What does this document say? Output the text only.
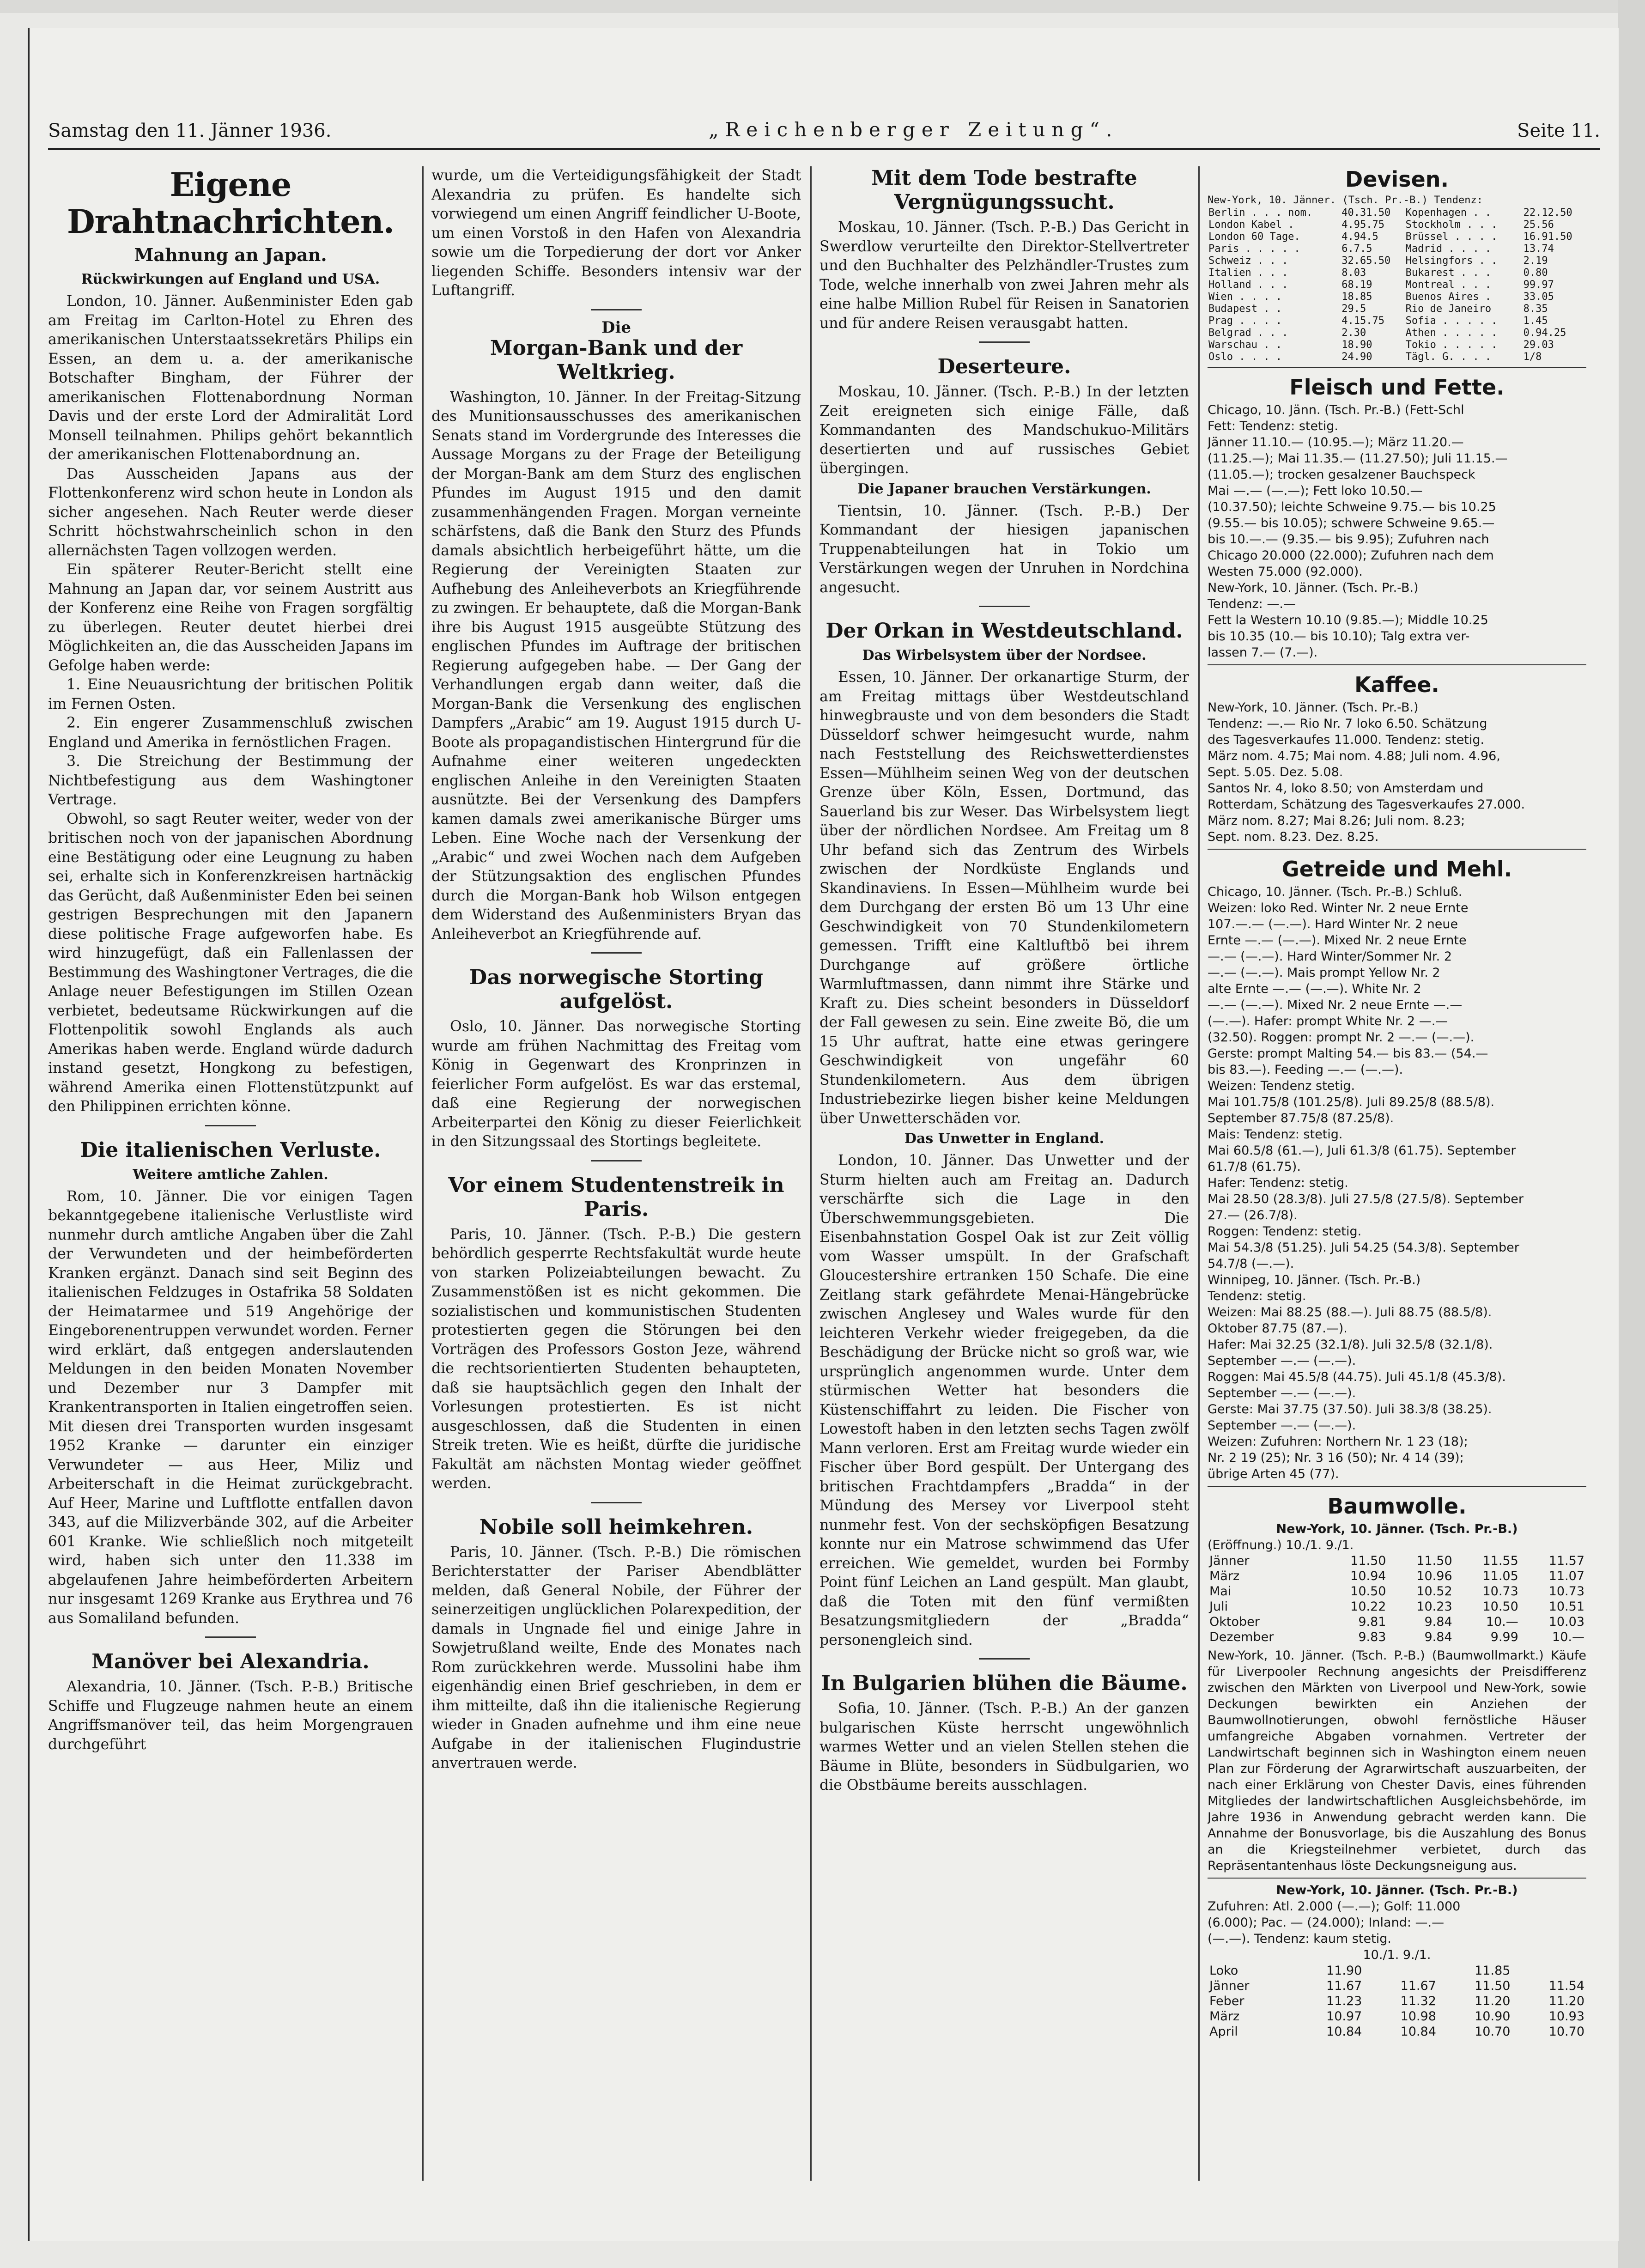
Samstag den 11. Jänner 1936.	„Reichenberger Zeitung“.	Seite 11.
Eigene Drahtnachrichten.
Mahnung an Japan.
Rückwirkungen auf England und USA.

London, 10. Jänner. Außenminister Eden gab am Freitag im Carlton-Hotel zu Ehren des amerikanischen Unterstaatssekretärs Philips ein Essen, an dem u. a. der amerikanische Botschafter Bingham, der Führer der amerikanischen Flottenabordnung Norman Davis und der erste Lord der Admiralität Lord Monsell teilnahmen. Philips gehört bekanntlich der amerikanischen Flottenabordnung an.

Das Ausscheiden Japans aus der Flottenkonferenz wird schon heute in London als sicher angesehen. Nach Reuter werde dieser Schritt höchstwahrscheinlich schon in den allernächsten Tagen vollzogen werden.

Ein späterer Reuter-Bericht stellt eine Mahnung an Japan dar, vor seinem Austritt aus der Konferenz eine Reihe von Fragen sorgfältig zu überlegen. Reuter deutet hierbei drei Möglichkeiten an, die das Ausscheiden Japans im Gefolge haben werde:

1. Eine Neuausrichtung der britischen Politik im Fernen Osten.

2. Ein engerer Zusammenschluß zwischen England und Amerika in fernöstlichen Fragen.

3. Die Streichung der Bestimmung der Nichtbefestigung aus dem Washingtoner Vertrage.

Obwohl, so sagt Reuter weiter, weder von der britischen noch von der japanischen Abordnung eine Bestätigung oder eine Leugnung zu haben sei, erhalte sich in Konferenzkreisen hartnäckig das Gerücht, daß Außenminister Eden bei seinen gestrigen Besprechungen mit den Japanern diese politische Frage aufgeworfen habe. Es wird hinzugefügt, daß ein Fallenlassen der Bestimmung des Washingtoner Vertrages, die die Anlage neuer Befestigungen im Stillen Ozean verbietet, bedeutsame Rückwirkungen auf die Flottenpolitik sowohl Englands als auch Amerikas haben werde. England würde dadurch instand gesetzt, Hongkong zu befestigen, während Amerika einen Flottenstützpunkt auf den Philippinen errichten könne.

Die italienischen Verluste.
Weitere amtliche Zahlen.

Rom, 10. Jänner. Die vor einigen Tagen bekanntgegebene italienische Verlustliste wird nunmehr durch amtliche Angaben über die Zahl der Verwundeten und der heimbeförderten Kranken ergänzt. Danach sind seit Beginn des italienischen Feldzuges in Ostafrika 58 Soldaten der Heimatarmee und 519 Angehörige der Eingeborenentruppen verwundet worden. Ferner wird erklärt, daß entgegen anderslautenden Meldungen in den beiden Monaten November und Dezember nur 3 Dampfer mit Krankentransporten in Italien eingetroffen seien. Mit diesen drei Transporten wurden insgesamt 1952 Kranke — darunter ein einziger Verwundeter — aus Heer, Miliz und Arbeiterschaft in die Heimat zurückgebracht. Auf Heer, Marine und Luftflotte entfallen davon 343, auf die Milizverbände 302, auf die Arbeiter 601 Kranke. Wie schließlich noch mitgeteilt wird, haben sich unter den 11.338 im abgelaufenen Jahre heimbeförderten Arbeitern nur insgesamt 1269 Kranke aus Erythrea und 76 aus Somaliland befunden.

Manöver bei Alexandria.

Alexandria, 10. Jänner. (Tsch. P.-B.) Britische Schiffe und Flugzeuge nahmen heute an einem Angriffsmanöver teil, das heim Morgengrauen durchgeführt

wurde, um die Verteidigungsfähigkeit der Stadt Alexandria zu prüfen. Es handelte sich vorwiegend um einen Angriff feindlicher U-Boote, um einen Vorstoß in den Hafen von Alexandria sowie um die Torpedierung der dort vor Anker liegenden Schiffe. Besonders intensiv war der Luftangriff.

Die
Morgan-Bank und der Weltkrieg.

Washington, 10. Jänner. In der Freitag-Sitzung des Munitionsausschusses des amerikanischen Senats stand im Vordergrunde des Interesses die Aussage Morgans zu der Frage der Beteiligung der Morgan-Bank am dem Sturz des englischen Pfundes im August 1915 und den damit zusammenhängenden Fragen. Morgan verneinte schärfstens, daß die Bank den Sturz des Pfunds damals absichtlich herbeigeführt hätte, um die Regierung der Vereinigten Staaten zur Aufhebung des Anleiheverbots an Kriegführende zu zwingen. Er behauptete, daß die Morgan-Bank ihre bis August 1915 ausgeübte Stützung des englischen Pfundes im Auftrage der britischen Regierung aufgegeben habe. — Der Gang der Verhandlungen ergab dann weiter, daß die Morgan-Bank die Versenkung des englischen Dampfers „Arabic“ am 19. August 1915 durch U-Boote als propagandistischen Hintergrund für die Aufnahme einer weiteren ungedeckten englischen Anleihe in den Vereinigten Staaten ausnützte. Bei der Versenkung des Dampfers kamen damals zwei amerikanische Bürger ums Leben. Eine Woche nach der Versenkung der „Arabic“ und zwei Wochen nach dem Aufgeben der Stützungsaktion des englischen Pfundes durch die Morgan-Bank hob Wilson entgegen dem Widerstand des Außenministers Bryan das Anleiheverbot an Kriegführende auf.

Das norwegische Storting aufgelöst.

Oslo, 10. Jänner. Das norwegische Storting wurde am frühen Nachmittag des Freitag vom König in Gegenwart des Kronprinzen in feierlicher Form aufgelöst. Es war das erstemal, daß eine Regierung der norwegischen Arbeiterpartei den König zu dieser Feierlichkeit in den Sitzungssaal des Stortings begleitete.

Vor einem Studentenstreik in Paris.

Paris, 10. Jänner. (Tsch. P.-B.) Die gestern behördlich gesperrte Rechtsfakultät wurde heute von starken Polizeiabteilungen bewacht. Zu Zusammenstößen ist es nicht gekommen. Die sozialistischen und kommunistischen Studenten protestierten gegen die Störungen bei den Vorträgen des Professors Goston Jeze, während die rechtsorientierten Studenten behaupteten, daß sie hauptsächlich gegen den Inhalt der Vorlesungen protestierten. Es ist nicht ausgeschlossen, daß die Studenten in einen Streik treten. Wie es heißt, dürfte die juridische Fakultät am nächsten Montag wieder geöffnet werden.

Nobile soll heimkehren.

Paris, 10. Jänner. (Tsch. P.-B.) Die römischen Berichterstatter der Pariser Abendblätter melden, daß General Nobile, der Führer der seinerzeitigen unglücklichen Polarexpedition, der damals in Ungnade fiel und einige Jahre in Sowjetrußland weilte, Ende des Monates nach Rom zurückkehren werde. Mussolini habe ihm eigenhändig einen Brief geschrieben, in dem er ihm mitteilte, daß ihn die italienische Regierung wieder in Gnaden aufnehme und ihm eine neue Aufgabe in der italienischen Flugindustrie anvertrauen werde.

Mit dem Tode bestrafte Vergnügungssucht.

Moskau, 10. Jänner. (Tsch. P.-B.) Das Gericht in Swerdlow verurteilte den Direktor-Stellvertreter und den Buchhalter des Pelzhändler-Trustes zum Tode, welche innerhalb von zwei Jahren mehr als eine halbe Million Rubel für Reisen in Sanatorien und für andere Reisen verausgabt hatten.

Deserteure.

Moskau, 10. Jänner. (Tsch. P.-B.) In der letzten Zeit ereigneten sich einige Fälle, daß Kommandanten des Mandschukuo-Militärs desertierten und auf russisches Gebiet übergingen.

Die Japaner brauchen Verstärkungen.

Tientsin, 10. Jänner. (Tsch. P.-B.) Der Kommandant der hiesigen japanischen Truppenabteilungen hat in Tokio um Verstärkungen wegen der Unruhen in Nordchina angesucht.

Der Orkan in Westdeutschland.
Das Wirbelsystem über der Nordsee.

Essen, 10. Jänner. Der orkanartige Sturm, der am Freitag mittags über Westdeutschland hinwegbrauste und von dem besonders die Stadt Düsseldorf schwer heimgesucht wurde, nahm nach Feststellung des Reichswetterdienstes Essen—Mühlheim seinen Weg von der deutschen Grenze über Köln, Essen, Dortmund, das Sauerland bis zur Weser. Das Wirbelsystem liegt über der nördlichen Nordsee. Am Freitag um 8 Uhr befand sich das Zentrum des Wirbels zwischen der Nordküste Englands und Skandinaviens. In Essen—Mühlheim wurde bei dem Durchgang der ersten Bö um 13 Uhr eine Geschwindigkeit von 70 Stundenkilometern gemessen. Trifft eine Kaltluftbö bei ihrem Durchgange auf größere örtliche Warmluftmassen, dann nimmt ihre Stärke und Kraft zu. Dies scheint besonders in Düsseldorf der Fall gewesen zu sein. Eine zweite Bö, die um 15 Uhr auftrat, hatte eine etwas geringere Geschwindigkeit von ungefähr 60 Stundenkilometern. Aus dem übrigen Industriebezirke liegen bisher keine Meldungen über Unwetterschäden vor.

Das Unwetter in England.

London, 10. Jänner. Das Unwetter und der Sturm hielten auch am Freitag an. Dadurch verschärfte sich die Lage in den Überschwemmungsgebieten. Die Eisenbahnstation Gospel Oak ist zur Zeit völlig vom Wasser umspült. In der Grafschaft Gloucestershire ertranken 150 Schafe. Die eine Zeitlang stark gefährdete Menai-Hängebrücke zwischen Anglesey und Wales wurde für den leichteren Verkehr wieder freigegeben, da die Beschädigung der Brücke nicht so groß war, wie ursprünglich angenommen wurde. Unter dem stürmischen Wetter hat besonders die Küstenschiffahrt zu leiden. Die Fischer von Lowestoft haben in den letzten sechs Tagen zwölf Mann verloren. Erst am Freitag wurde wieder ein Fischer über Bord gespült. Der Untergang des britischen Frachtdampfers „Bradda“ in der Mündung des Mersey vor Liverpool steht nunmehr fest. Von der sechsköpfigen Besatzung konnte nur ein Matrose schwimmend das Ufer erreichen. Wie gemeldet, wurden bei Formby Point fünf Leichen an Land gespült. Man glaubt, daß die Toten mit den fünf vermißten Besatzungsmitgliedern der „Bradda“ personengleich sind.

In Bulgarien blühen die Bäume.

Sofia, 10. Jänner. (Tsch. P.-B.) An der ganzen bulgarischen Küste herrscht ungewöhnlich warmes Wetter und an vielen Stellen stehen die Bäume in Blüte, besonders in Südbulgarien, wo die Obstbäume bereits ausschlagen.

Devisen.
New-York, 10. Jänner. (Tsch. Pr.-B.) Tendenz:
Berlin . . . nom.	40.31.50	Kopenhagen . .	22.12.50
London Kabel .	4.95.75	Stockholm . . .	25.56
London 60 Tage.	4.94.5	Brüssel . . . .	16.91.50
Paris . . . . .	6.7.5	Madrid . . . .	13.74
Schweiz . . .	32.65.50	Helsingfors . .	2.19
Italien . . .	8.03	Bukarest . . .	0.80
Holland . . .	68.19	Montreal . . .	99.97
Wien . . . .	18.85	Buenos Aires .	33.05
Budapest . .	29.5	Rio de Janeiro	8.35
Prag . . . .	4.15.75	Sofia . . . . .	1.45
Belgrad . . .	2.30	Athen . . . . .	0.94.25
Warschau . .	18.90	Tokio . . . . .	29.03
Oslo . . . .	24.90	Tägl. G. . . .	1/8
Fleisch und Fette.
Chicago, 10. Jänn. (Tsch. Pr.-B.) (Fett-Schl
Fett: Tendenz: stetig.
Jänner 11.10.— (10.95.—); März 11.20.—
(11.25.—); Mai 11.35.— (11.27.50); Juli 11.15.—
(11.05.—); trocken gesalzener Bauchspeck
Mai —.— (—.—); Fett loko 10.50.—
(10.37.50); leichte Schweine 9.75.— bis 10.25
(9.55.— bis 10.05); schwere Schweine 9.65.—
bis 10.—.— (9.35.— bis 9.95); Zufuhren nach
Chicago 20.000 (22.000); Zufuhren nach dem
Westen 75.000 (92.000).
New-York, 10. Jänner. (Tsch. Pr.-B.)
Tendenz: —.—
Fett la Western 10.10 (9.85.—); Middle 10.25
bis 10.35 (10.— bis 10.10); Talg extra ver-
lassen 7.— (7.—).
Kaffee.
New-York, 10. Jänner. (Tsch. Pr.-B.)
Tendenz: —.— Rio Nr. 7 loko 6.50. Schätzung
des Tagesverkaufes 11.000. Tendenz: stetig.
März nom. 4.75; Mai nom. 4.88; Juli nom. 4.96,
Sept. 5.05. Dez. 5.08.
Santos Nr. 4, loko 8.50; von Amsterdam und
Rotterdam, Schätzung des Tagesverkaufes 27.000.
März nom. 8.27; Mai 8.26; Juli nom. 8.23;
Sept. nom. 8.23. Dez. 8.25.
Getreide und Mehl.
Chicago, 10. Jänner. (Tsch. Pr.-B.) Schluß.
Weizen: loko Red. Winter Nr. 2 neue Ernte
107.—.— (—.—). Hard Winter Nr. 2 neue
Ernte —.— (—.—). Mixed Nr. 2 neue Ernte
—.— (—.—). Hard Winter/Sommer Nr. 2
—.— (—.—). Mais prompt Yellow Nr. 2
alte Ernte —.— (—.—). White Nr. 2
—.— (—.—). Mixed Nr. 2 neue Ernte —.—
(—.—). Hafer: prompt White Nr. 2 —.—
(32.50). Roggen: prompt Nr. 2 —.— (—.—).
Gerste: prompt Malting 54.— bis 83.— (54.—
bis 83.—). Feeding —.— (—.—).
Weizen: Tendenz stetig.
Mai 101.75/8 (101.25/8). Juli 89.25/8 (88.5/8).
September 87.75/8 (87.25/8).
Mais: Tendenz: stetig.
Mai 60.5/8 (61.—), Juli 61.3/8 (61.75). September
61.7/8 (61.75).
Hafer: Tendenz: stetig.
Mai 28.50 (28.3/8). Juli 27.5/8 (27.5/8). September
27.— (26.7/8).
Roggen: Tendenz: stetig.
Mai 54.3/8 (51.25). Juli 54.25 (54.3/8). September
54.7/8 (—.—).
Winnipeg, 10. Jänner. (Tsch. Pr.-B.)
Tendenz: stetig.
Weizen: Mai 88.25 (88.—). Juli 88.75 (88.5/8).
Oktober 87.75 (87.—).
Hafer: Mai 32.25 (32.1/8). Juli 32.5/8 (32.1/8).
September —.— (—.—).
Roggen: Mai 45.5/8 (44.75). Juli 45.1/8 (45.3/8).
September —.— (—.—).
Gerste: Mai 37.75 (37.50). Juli 38.3/8 (38.25).
September —.— (—.—).
Weizen: Zufuhren: Northern Nr. 1 23 (18);
Nr. 2 19 (25); Nr. 3 16 (50); Nr. 4 14 (39);
übrige Arten 45 (77).
Baumwolle.
New-York, 10. Jänner. (Tsch. Pr.-B.)
(Eröffnung.) 10./1. 9./1.
Jänner	11.50	11.50	11.55	11.57
März	10.94	10.96	11.05	11.07
Mai	10.50	10.52	10.73	10.73
Juli	10.22	10.23	10.50	10.51
Oktober	9.81	9.84	10.—	10.03
Dezember	9.83	9.84	9.99	10.—
New-York, 10. Jänner. (Tsch. P.-B.) (Baumwollmarkt.) Käufe für Liverpooler Rechnung angesichts der Preisdifferenz zwischen den Märkten von Liverpool und New-York, sowie Deckungen bewirkten ein Anziehen der Baumwollnotierungen, obwohl fernöstliche Häuser umfangreiche Abgaben vornahmen. Vertreter der Landwirtschaft beginnen sich in Washington einem neuen Plan zur Förderung der Agrarwirtschaft auszuarbeiten, der nach einer Erklärung von Chester Davis, eines führenden Mitgliedes der landwirtschaftlichen Ausgleichsbehörde, im Jahre 1936 in Anwendung gebracht werden kann. Die Annahme der Bonusvorlage, bis die Auszahlung des Bonus an die Kriegsteilnehmer verbietet, durch das Repräsentantenhaus löste Deckungsneigung aus.
New-York, 10. Jänner. (Tsch. Pr.-B.)
Zufuhren: Atl. 2.000 (—.—); Golf: 11.000
(6.000); Pac. — (24.000); Inland: —.—
(—.—). Tendenz: kaum stetig.
10./1. 9./1.
Loko	11.90		11.85	
Jänner	11.67	11.67	11.50	11.54
Feber	11.23	11.32	11.20	11.20
März	10.97	10.98	10.90	10.93
April	10.84	10.84	10.70	10.70
